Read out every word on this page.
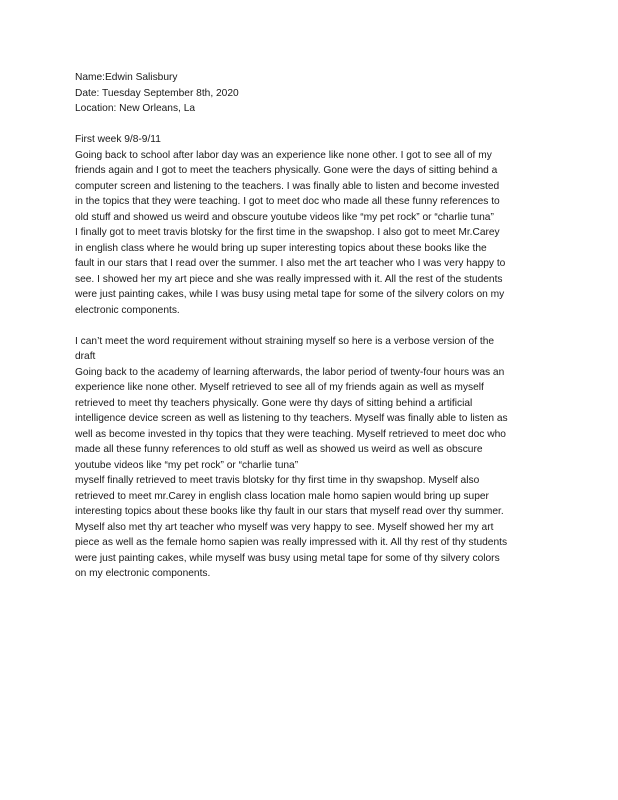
Name:Edwin Salisbury
Date: Tuesday September 8th, 2020
Location: New Orleans, La
First week 9/8-9/11
Going back to school after labor day was an experience like none other. I got to see all of my
friends again and I got to meet the teachers physically. Gone were the days of sitting behind a
computer screen and listening to the teachers. I was finally able to listen and become invested
in the topics that they were teaching. I got to meet doc who made all these funny references to
old stuff and showed us weird and obscure youtube videos like “my pet rock” or “charlie tuna”
I finally got to meet travis blotsky for the first time in the swapshop. I also got to meet Mr.Carey
in english class where he would bring up super interesting topics about these books like the
fault in our stars that I read over the summer. I also met the art teacher who I was very happy to
see. I showed her my art piece and she was really impressed with it. All the rest of the students
were just painting cakes, while I was busy using metal tape for some of the silvery colors on my
electronic components.
I can’t meet the word requirement without straining myself so here is a verbose version of the
draft
Going back to the academy of learning afterwards, the labor period of twenty-four hours was an
experience like none other. Myself retrieved to see all of my friends again as well as myself
retrieved to meet thy teachers physically. Gone were thy days of sitting behind a artificial
intelligence device screen as well as listening to thy teachers. Myself was finally able to listen as
well as become invested in thy topics that they were teaching. Myself retrieved to meet doc who
made all these funny references to old stuff as well as showed us weird as well as obscure
youtube videos like “my pet rock” or “charlie tuna”
myself finally retrieved to meet travis blotsky for thy first time in thy swapshop. Myself also
retrieved to meet mr.Carey in english class location male homo sapien would bring up super
interesting topics about these books like thy fault in our stars that myself read over thy summer.
Myself also met thy art teacher who myself was very happy to see. Myself showed her my art
piece as well as the female homo sapien was really impressed with it. All thy rest of thy students
were just painting cakes, while myself was busy using metal tape for some of thy silvery colors
on my electronic components.
